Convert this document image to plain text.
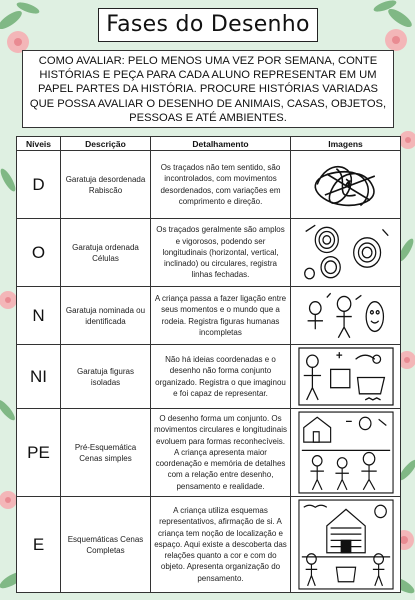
Fases do Desenho
COMO AVALIAR: PELO MENOS UMA VEZ POR SEMANA, CONTE HISTÓRIAS E PEÇA PARA CADA ALUNO REPRESENTAR EM UM PAPEL PARTES DA HISTÓRIA. PROCURE HISTÓRIAS VARIADAS QUE POSSA AVALIAR O DESENHO DE ANIMAIS, CASAS, OBJETOS, PESSOAS E ATÉ AMBIENTES.
Níveis	Descrição	Detalhamento	Imagens
D	Garatuja desordenada Rabiscão	Os traçados não tem sentido, são incontrolados, com movimentos desordenados, com variações em comprimento e direção.	

O	Garatuja ordenada Células	Os traçados geralmente são amplos e vigorosos, podendo ser longitudinais (horizontal, vertical, inclinado) ou circulares, registra linhas fechadas.	

N	Garatuja nominada ou identificada	A criança passa a fazer ligação entre seus momentos e o mundo que a rodeia. Registra figuras humanas incompletas	

NI	Garatuja figuras isoladas	Não há ideias coordenadas e o desenho não forma conjunto organizado. Registra o que imaginou e foi capaz de representar.	

PE	Pré-Esquemática Cenas simples	O desenho forma um conjunto. Os movimentos circulares e longitudinais evoluem para formas reconhecíveis. A criança apresenta maior coordenação e memória de detalhes com a relação entre desenho, pensamento e realidade.	

E	Esquemáticas Cenas Completas	A criança utiliza esquemas representativos, afirmação de si. A criança tem noção de localização e espaço. Aqui existe a descoberta das relações quanto a cor e com do objeto. Apresenta organização do pensamento.	
